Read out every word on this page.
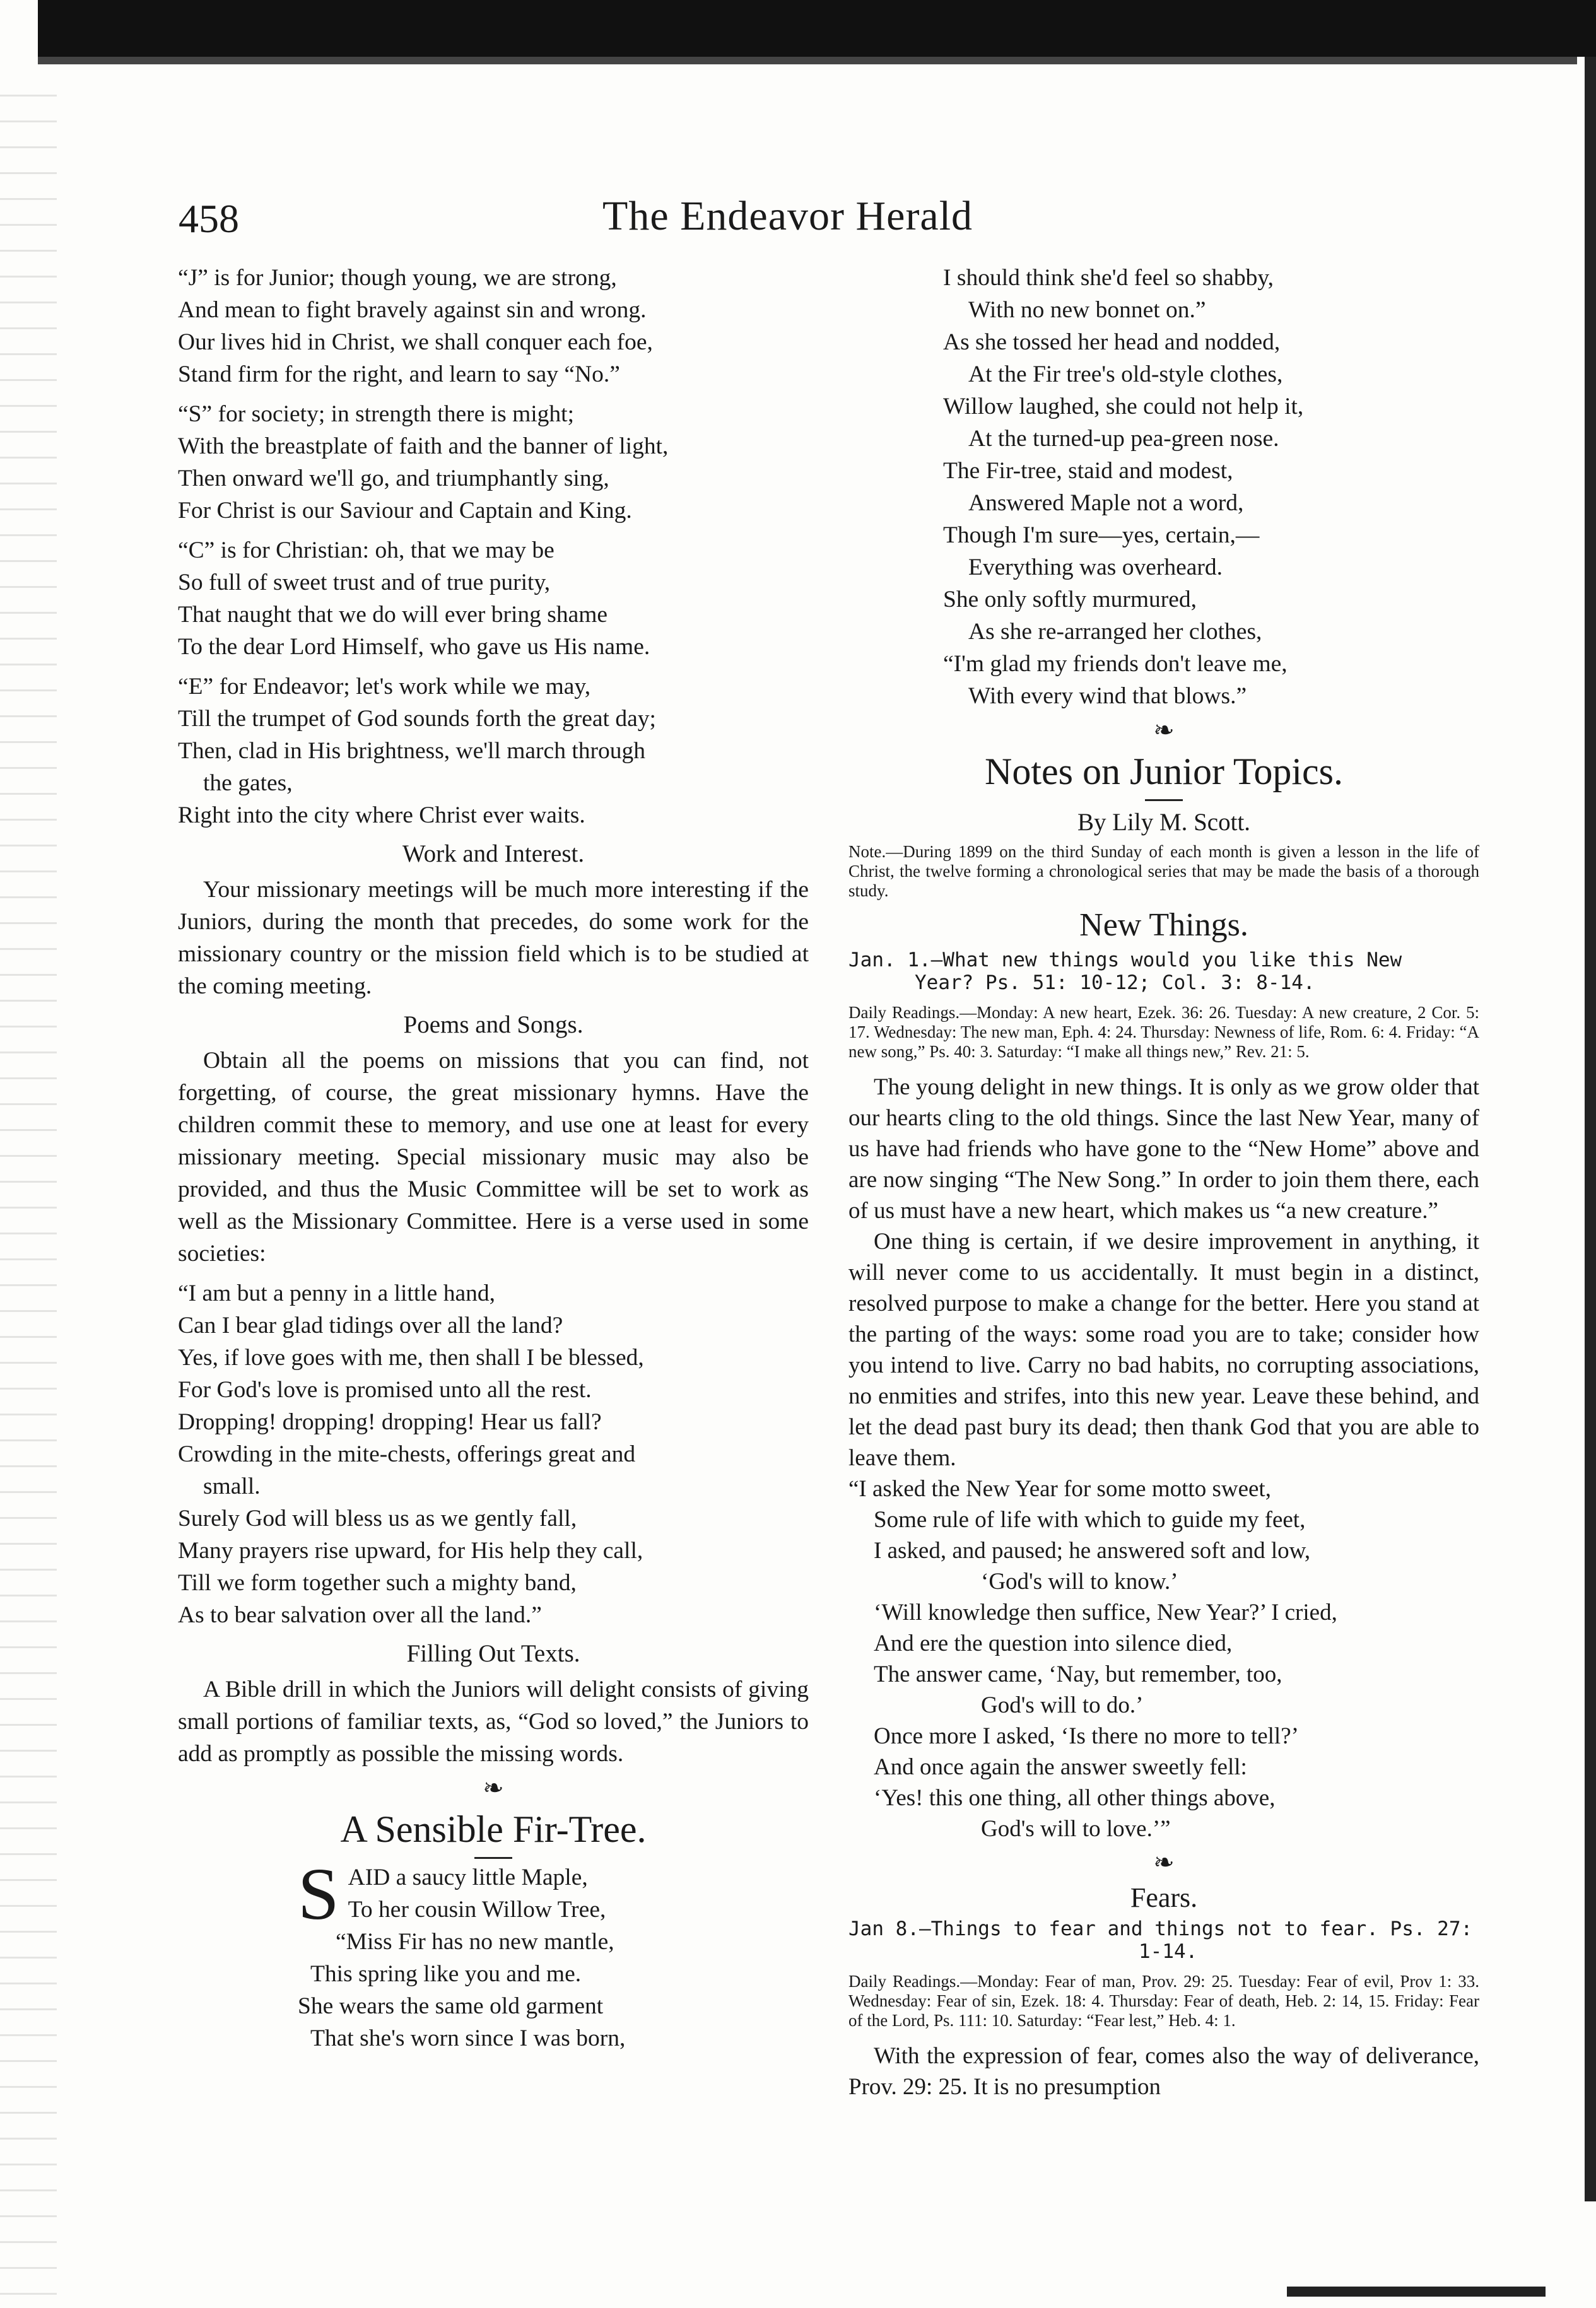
458	The Endeavor Herald
“J” is for Junior; though young, we are strong,
And mean to fight bravely against sin and wrong.
Our lives hid in Christ, we shall conquer each foe,
Stand firm for the right, and learn to say “No.”
“S” for society; in strength there is might;
With the breastplate of faith and the banner of light,
Then onward we'll go, and triumphantly sing,
For Christ is our Saviour and Captain and King.
“C” is for Christian: oh, that we may be
So full of sweet trust and of true purity,
That naught that we do will ever bring shame
To the dear Lord Himself, who gave us His name.
“E” for Endeavor; let's work while we may,
Till the trumpet of God sounds forth the great day;
Then, clad in His brightness, we'll march through
the gates,
Right into the city where Christ ever waits.
Work and Interest.
Your missionary meetings will be much more interesting if the Juniors, during the month that precedes, do some work for the missionary country or the mission field which is to be studied at the coming meeting.
Poems and Songs.
Obtain all the poems on missions that you can find, not forgetting, of course, the great missionary hymns. Have the children commit these to memory, and use one at least for every missionary meeting. Special missionary music may also be provided, and thus the Music Committee will be set to work as well as the Missionary Committee. Here is a verse used in some societies:
“I am but a penny in a little hand,
Can I bear glad tidings over all the land?
Yes, if love goes with me, then shall I be blessed,
For God's love is promised unto all the rest.
Dropping! dropping! dropping! Hear us fall?
Crowding in the mite-chests, offerings great and
small.
Surely God will bless us as we gently fall,
Many prayers rise upward, for His help they call,
Till we form together such a mighty band,
As to bear salvation over all the land.”
Filling Out Texts.
A Bible drill in which the Juniors will delight consists of giving small portions of familiar texts, as, “God so loved,” the Juniors to add as promptly as possible the missing words.
❧
A Sensible Fir-Tree.
S AID a saucy little Maple,
To her cousin Willow Tree,
“Miss Fir has no new mantle,
This spring like you and me.
She wears the same old garment
That she's worn since I was born,
I should think she'd feel so shabby,
With no new bonnet on.”
As she tossed her head and nodded,
At the Fir tree's old-style clothes,
Willow laughed, she could not help it,
At the turned-up pea-green nose.
The Fir-tree, staid and modest,
Answered Maple not a word,
Though I'm sure—yes, certain,—
Everything was overheard.
She only softly murmured,
As she re-arranged her clothes,
“I'm glad my friends don't leave me,
With every wind that blows.”
❧
Notes on Junior Topics.
By Lily M. Scott.
Note.—During 1899 on the third Sunday of each month is given a lesson in the life of Christ, the twelve forming a chronological series that may be made the basis of a thorough study.
New Things.
Jan. 1.—What new things would you like this New
Year? Ps. 51: 10-12; Col. 3: 8-14.
Daily Readings.—Monday: A new heart, Ezek. 36: 26. Tuesday: A new creature, 2 Cor. 5: 17. Wednesday: The new man, Eph. 4: 24. Thursday: Newness of life, Rom. 6: 4. Friday: “A new song,” Ps. 40: 3. Saturday: “I make all things new,” Rev. 21: 5.
The young delight in new things. It is only as we grow older that our hearts cling to the old things. Since the last New Year, many of us have had friends who have gone to the “New Home” above and are now singing “The New Song.” In order to join them there, each of us must have a new heart, which makes us “a new creature.”
One thing is certain, if we desire improvement in anything, it will never come to us accidentally. It must begin in a distinct, resolved purpose to make a change for the better. Here you stand at the parting of the ways: some road you are to take; consider how you intend to live. Carry no bad habits, no corrupting associations, no enmities and strifes, into this new year. Leave these behind, and let the dead past bury its dead; then thank God that you are able to leave them.
“I asked the New Year for some motto sweet,
Some rule of life with which to guide my feet,
I asked, and paused; he answered soft and low,
‘God's will to know.’
‘Will knowledge then suffice, New Year?’ I cried,
And ere the question into silence died,
The answer came, ‘Nay, but remember, too,
God's will to do.’
Once more I asked, ‘Is there no more to tell?’
And once again the answer sweetly fell:
‘Yes! this one thing, all other things above,
God's will to love.’”
❧
Fears.
Jan 8.—Things to fear and things not to fear. Ps. 27:
1-14.
Daily Readings.—Monday: Fear of man, Prov. 29: 25. Tuesday: Fear of evil, Prov 1: 33. Wednesday: Fear of sin, Ezek. 18: 4. Thursday: Fear of death, Heb. 2: 14, 15. Friday: Fear of the Lord, Ps. 111: 10. Saturday: “Fear lest,” Heb. 4: 1.
With the expression of fear, comes also the way of deliverance, Prov. 29: 25. It is no presumption
